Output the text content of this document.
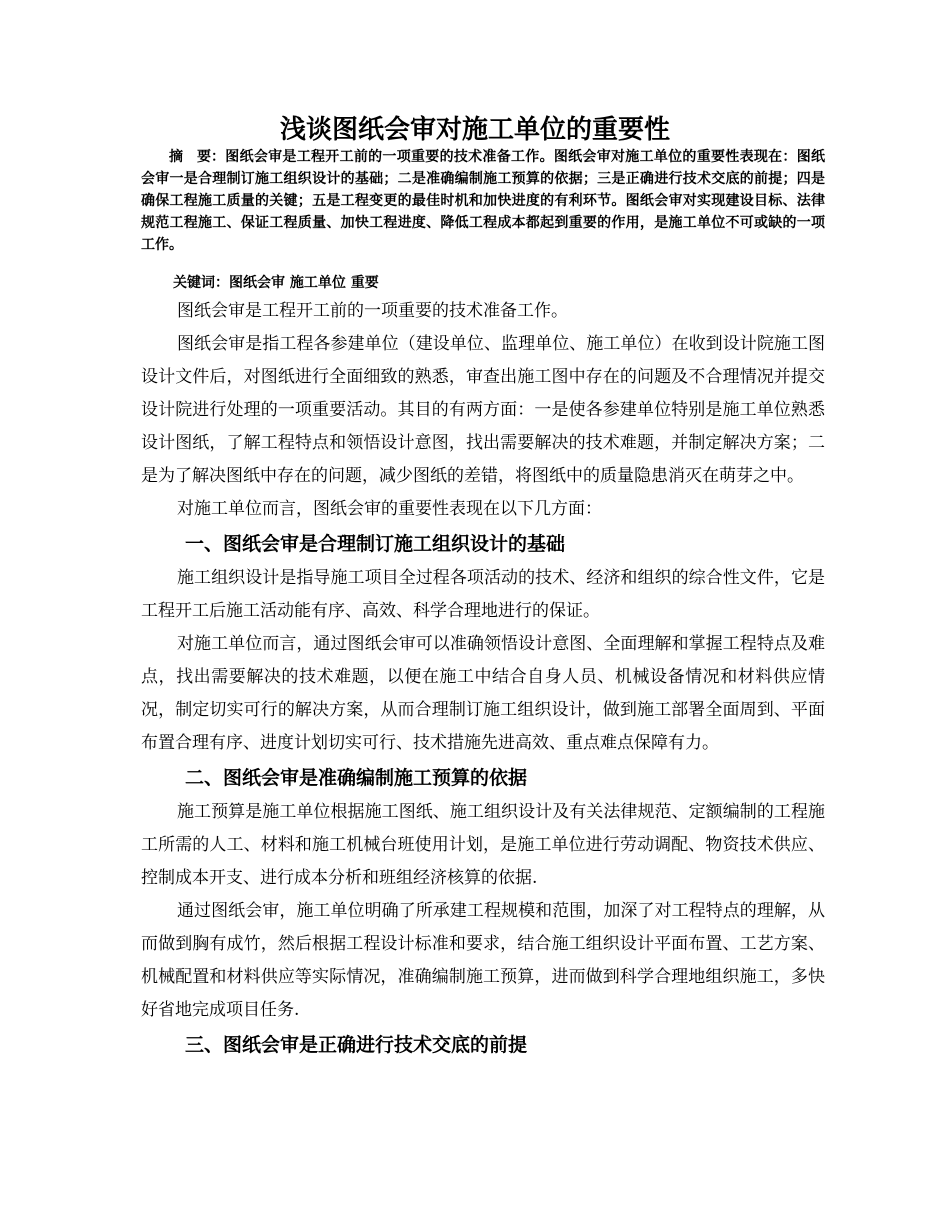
浅谈图纸会审对施工单位的重要性

  摘　要：图纸会审是工程开工前的一项重要的技术准备工作。图纸会审对施工单位的重要性表现在：图纸会审一是合理制订施工组织设计的基础；二是准确编制施工预算的依据；三是正确进行技术交底的前提；四是确保工程施工质量的关键；五是工程变更的最佳时机和加快进度的有利环节。图纸会审对实现建设目标、法律规范工程施工、保证工程质量、加快工程进度、降低工程成本都起到重要的作用，是施工单位不可或缺的一项工作。

关键词：图纸会审 施工单位 重要

图纸会审是工程开工前的一项重要的技术准备工作。

图纸会审是指工程各参建单位（建设单位、监理单位、施工单位）在收到设计院施工图设计文件后，对图纸进行全面细致的熟悉，审查出施工图中存在的问题及不合理情况并提交设计院进行处理的一项重要活动。其目的有两方面：一是使各参建单位特别是施工单位熟悉设计图纸，了解工程特点和领悟设计意图，找出需要解决的技术难题，并制定解决方案；二是为了解决图纸中存在的问题，减少图纸的差错，将图纸中的质量隐患消灭在萌芽之中。

对施工单位而言，图纸会审的重要性表现在以下几方面：

一、图纸会审是合理制订施工组织设计的基础

施工组织设计是指导施工项目全过程各项活动的技术、经济和组织的综合性文件，它是工程开工后施工活动能有序、高效、科学合理地进行的保证。

对施工单位而言，通过图纸会审可以准确领悟设计意图、全面理解和掌握工程特点及难点，找出需要解决的技术难题，以便在施工中结合自身人员、机械设备情况和材料供应情况，制定切实可行的解决方案，从而合理制订施工组织设计，做到施工部署全面周到、平面布置合理有序、进度计划切实可行、技术措施先进高效、重点难点保障有力。

二、图纸会审是准确编制施工预算的依据

施工预算是施工单位根据施工图纸、施工组织设计及有关法律规范、定额编制的工程施工所需的人工、材料和施工机械台班使用计划，是施工单位进行劳动调配、物资技术供应、控制成本开支、进行成本分析和班组经济核算的依据.

通过图纸会审，施工单位明确了所承建工程规模和范围，加深了对工程特点的理解，从而做到胸有成竹，然后根据工程设计标准和要求，结合施工组织设计平面布置、工艺方案、机械配置和材料供应等实际情况，准确编制施工预算，进而做到科学合理地组织施工，多快好省地完成项目任务.

三、图纸会审是正确进行技术交底的前提
